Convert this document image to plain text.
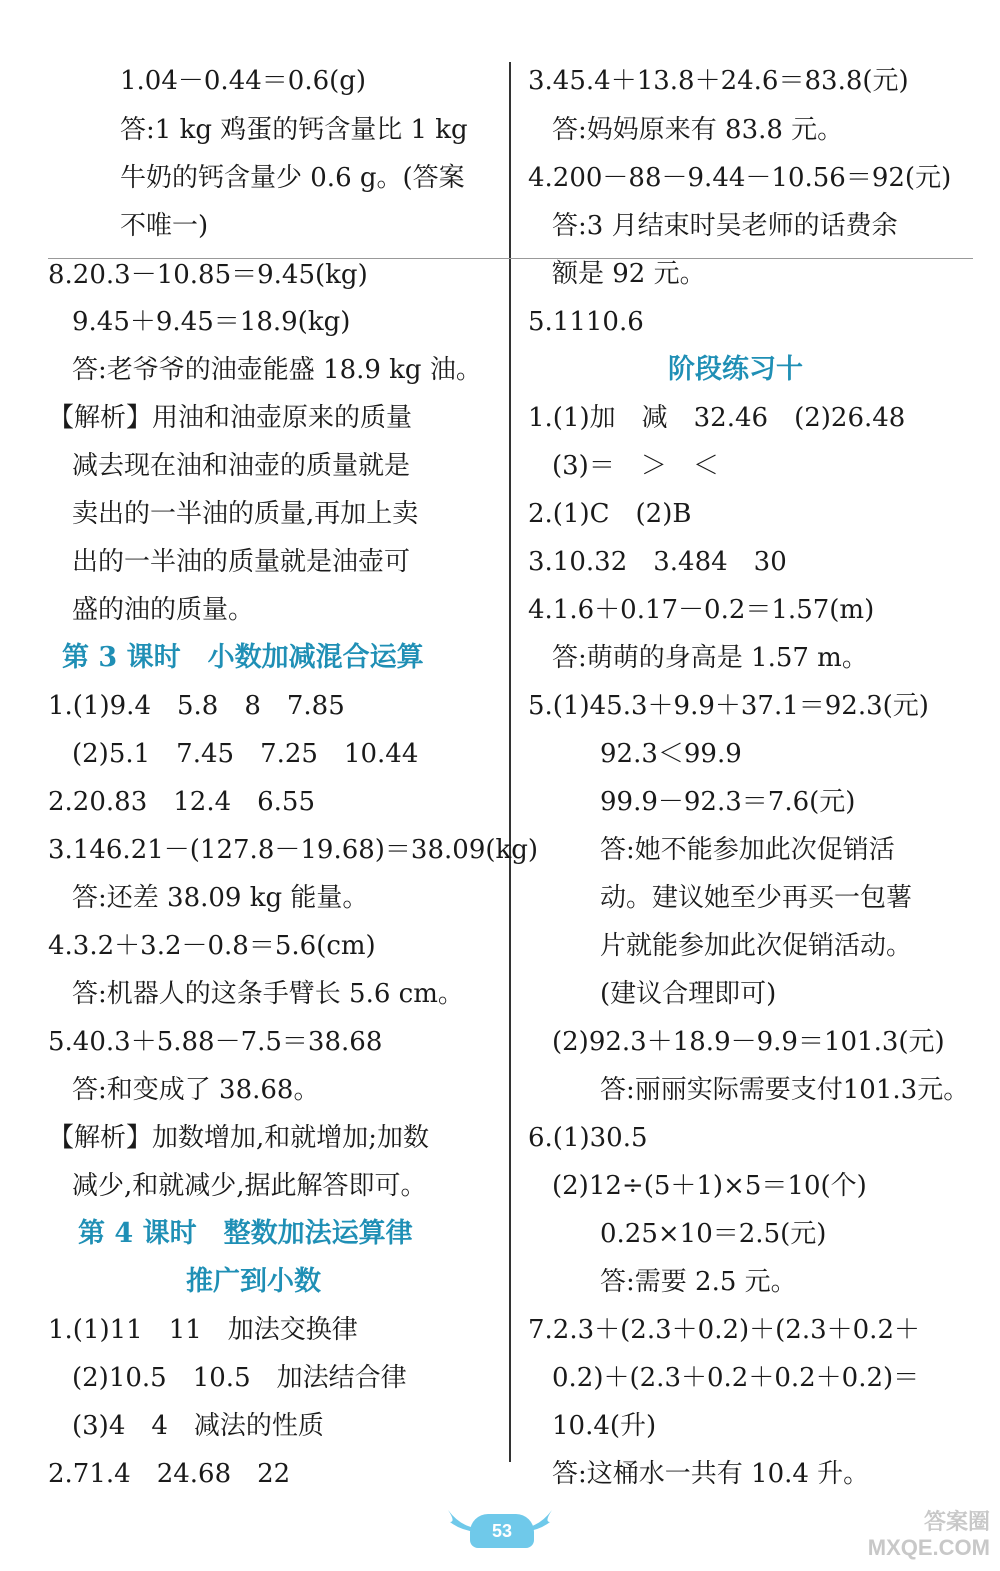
1.04－0.44＝0.6(g)
答:1 kg 鸡蛋的钙含量比 1 kg
牛奶的钙含量少 0.6 g。(答案
不唯一)
8.20.3－10.85＝9.45(kg)
9.45＋9.45＝18.9(kg)
答:老爷爷的油壶能盛 18.9 kg 油。
【解析】用油和油壶原来的质量
减去现在油和油壶的质量就是
卖出的一半油的质量,再加上卖
出的一半油的质量就是油壶可
盛的油的质量。
第 3 课时　小数加减混合运算
1.(1)9.4　5.8　8　7.85
(2)5.1　7.45　7.25　10.44
2.20.83　12.4　6.55
3.146.21－(127.8－19.68)＝38.09(kg)
答:还差 38.09 kg 能量。
4.3.2＋3.2－0.8＝5.6(cm)
答:机器人的这条手臂长 5.6 cm。
5.40.3＋5.88－7.5＝38.68
答:和变成了 38.68。
【解析】加数增加,和就增加;加数
减少,和就减少,据此解答即可。
第 4 课时　整数加法运算律
推广到小数
1.(1)11　11　加法交换律
(2)10.5　10.5　加法结合律
(3)4　4　减法的性质
2.71.4　24.68　22
3.45.4＋13.8＋24.6＝83.8(元)
答:妈妈原来有 83.8 元。
4.200－88－9.44－10.56＝92(元)
答:3 月结束时吴老师的话费余
额是 92 元。
5.1110.6
阶段练习十
1.(1)加　减　32.46　(2)26.48
(3)＝　＞　＜
2.(1)C　(2)B
3.10.32　3.484　30
4.1.6＋0.17－0.2＝1.57(m)
答:萌萌的身高是 1.57 m。
5.(1)45.3＋9.9＋37.1＝92.3(元)
92.3＜99.9
99.9－92.3＝7.6(元)
答:她不能参加此次促销活
动。建议她至少再买一包薯
片就能参加此次促销活动。
(建议合理即可)
(2)92.3＋18.9－9.9＝101.3(元)
答:丽丽实际需要支付101.3元。
6.(1)30.5
(2)12÷(5＋1)×5＝10(个)
0.25×10＝2.5(元)
答:需要 2.5 元。
7.2.3＋(2.3＋0.2)＋(2.3＋0.2＋
0.2)＋(2.3＋0.2＋0.2＋0.2)＝
10.4(升)
答:这桶水一共有 10.4 升。
53	答案圈
MXQE.COM
